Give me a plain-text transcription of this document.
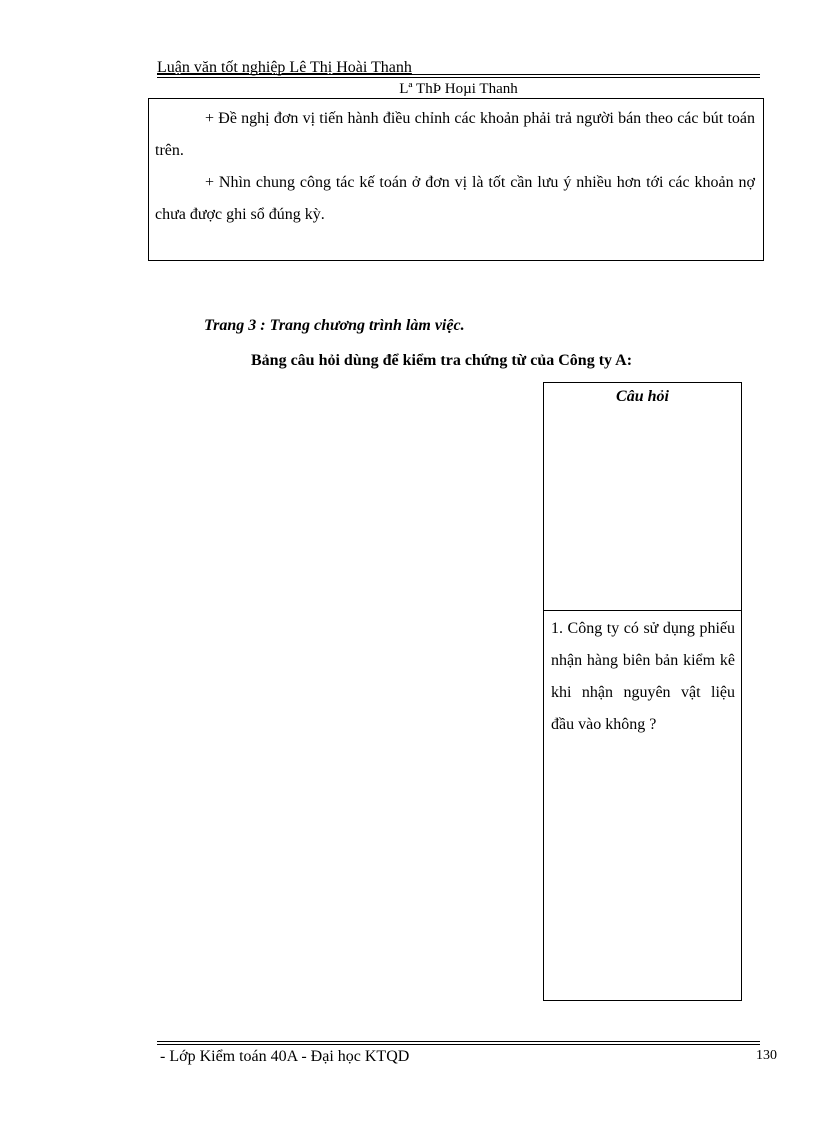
Luận văn tốt nghiệp Lê Thị Hoài Thanh
Lª ThÞ Hoµi Thanh

+ Đề nghị đơn vị tiến hành điều chỉnh các khoản phải trả người bán theo các bút toán trên.

+ Nhìn chung công tác kế toán ở đơn vị là tốt cần lưu ý nhiều hơn tới các khoản nợ chưa được ghi sổ đúng kỳ.

Trang 3 : Trang chương trình làm việc.
Bảng câu hỏi dùng để kiểm tra chứng từ của Công ty A:
Câu hỏi
1. Công ty có sử dụng phiếu nhận hàng biên bản kiểm kê khi nhận nguyên vật liệu đầu vào không ?
- Lớp Kiểm toán 40A - Đại học KTQD	130
